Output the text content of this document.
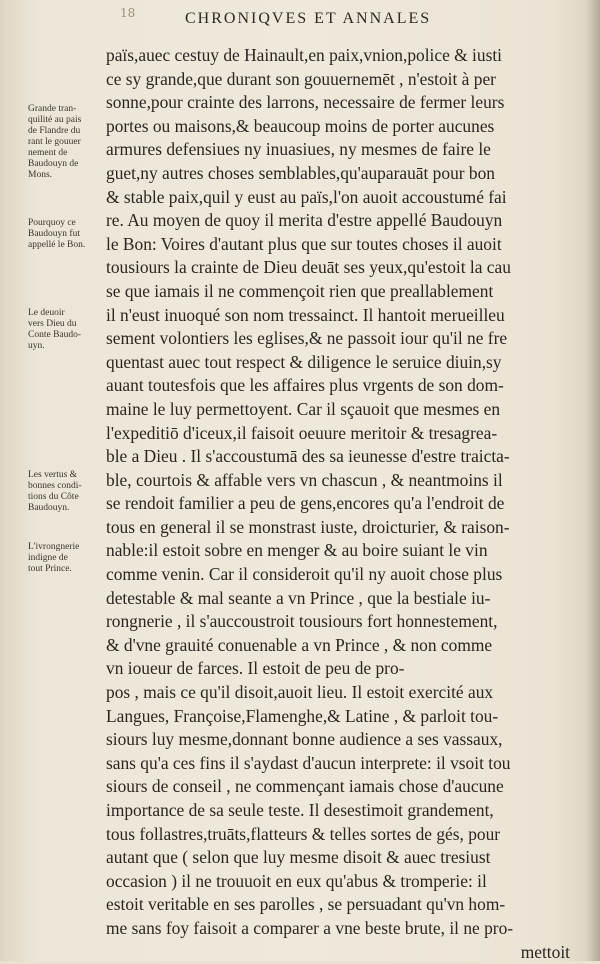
18	CHRONIQVES ET ANNALES
Grande tran-
quilité au pais
de Flandre du
rant le gouuer
nement de
Baudouyn de
Mons.
Pourquoy ce
Baudouyn fut
appellé le Bon.
Le deuoir
vers Dieu du
Conte Baudo-
uyn.
Les vertus &
bonnes condi-
tions du Côte
Baudouyn.
L'ivrongnerie
indigne de
tout Prince.
païs,auec cestuy de Hainault,en paix,vnion,police & iusti
ce sy grande,que durant son gouuernemēt , n'estoit à per
sonne,pour crainte des larrons, necessaire de fermer leurs
portes ou maisons,& beaucoup moins de porter aucunes
armures defensiues ny inuasiues, ny mesmes de faire le
guet,ny autres choses semblables,qu'auparauāt pour bon
& stable paix,quil y eust au païs,l'on auoit accoustumé fai
re. Au moyen de quoy il merita d'estre appellé Baudouyn
le Bon: Voires d'autant plus que sur toutes choses il auoit
tousiours la crainte de Dieu deuāt ses yeux,qu'estoit la cau
se que iamais il ne commençoit rien que preallablement
il n'eust inuoqué son nom tressainct. Il hantoit merueilleu
sement volontiers les eglises,& ne passoit iour qu'il ne fre
quentast auec tout respect & diligence le seruice diuin,sy
auant toutesfois que les affaires plus vrgents de son dom-
maine le luy permettoyent. Car il sçauoit que mesmes en
l'expeditiō d'iceux,il faisoit oeuure meritoir & tresagrea-
ble a Dieu . Il s'accoustumā des sa ieunesse d'estre traicta-
ble, courtois & affable vers vn chascun , & neantmoins il
se rendoit familier a peu de gens,encores qu'a l'endroit de
tous en general il se monstrast iuste, droicturier, & raison-
nable:il estoit sobre en menger & au boire suiant le vin
comme venin. Car il consideroit qu'il ny auoit chose plus
detestable & mal seante a vn Prince , que la bestiale iu-
rongnerie , il s'auccoustroit tousiours fort honnestement,
& d'vne grauité conuenable a vn Prince , & non comme
vn ioueur de farces. Il estoit de peu de pro-
pos , mais ce qu'il disoit,auoit lieu. Il estoit exercité aux
Langues, Françoise,Flamenghe,& Latine , & parloit tou-
siours luy mesme,donnant bonne audience a ses vassaux,
sans qu'a ces fins il s'aydast d'aucun interprete: il vsoit tou
siours de conseil , ne commençant iamais chose d'aucune
importance de sa seule teste. Il desestimoit grandement,
tous follastres,truāts,flatteurs & telles sortes de gés, pour
autant que ( selon que luy mesme disoit & auec tresiust
occasion ) il ne trouuoit en eux qu'abus & tromperie: il
estoit veritable en ses parolles , se persuadant qu'vn hom-
me sans foy faisoit a comparer a vne beste brute, il ne pro-
mettoit
